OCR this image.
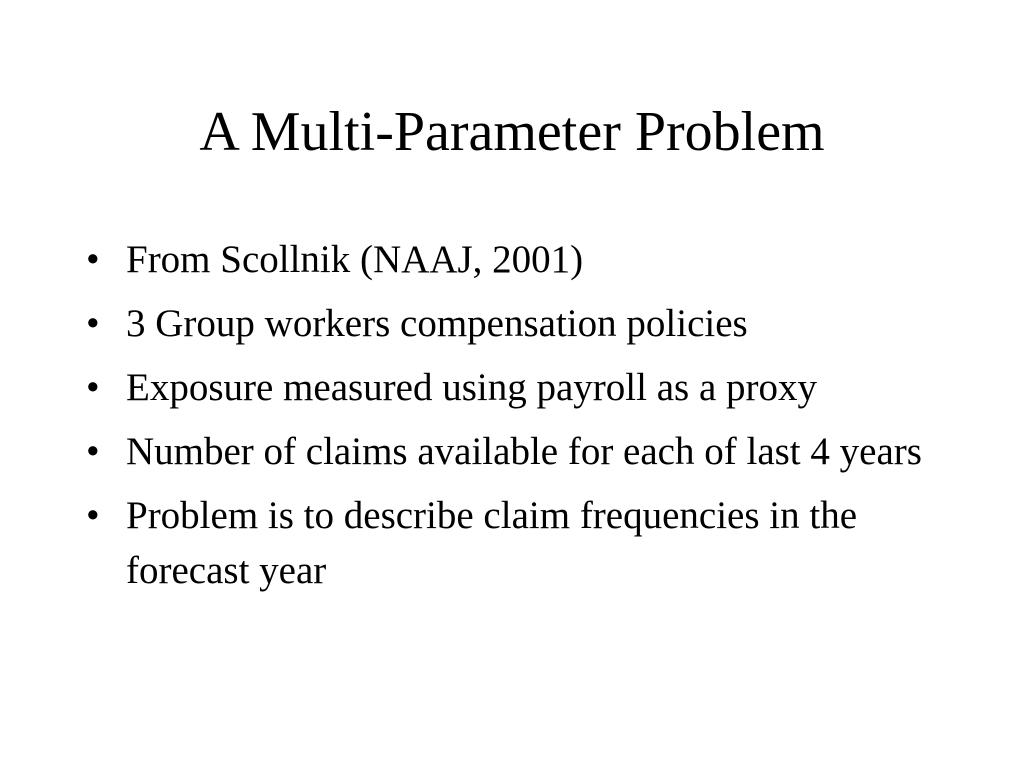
A Multi-Parameter Problem
• From Scollnik (NAAJ, 2001)
• 3 Group workers compensation policies
• Exposure measured using payroll as a proxy
• Number of claims available for each of last 4 years
• Problem is to describe claim frequencies in the forecast year
